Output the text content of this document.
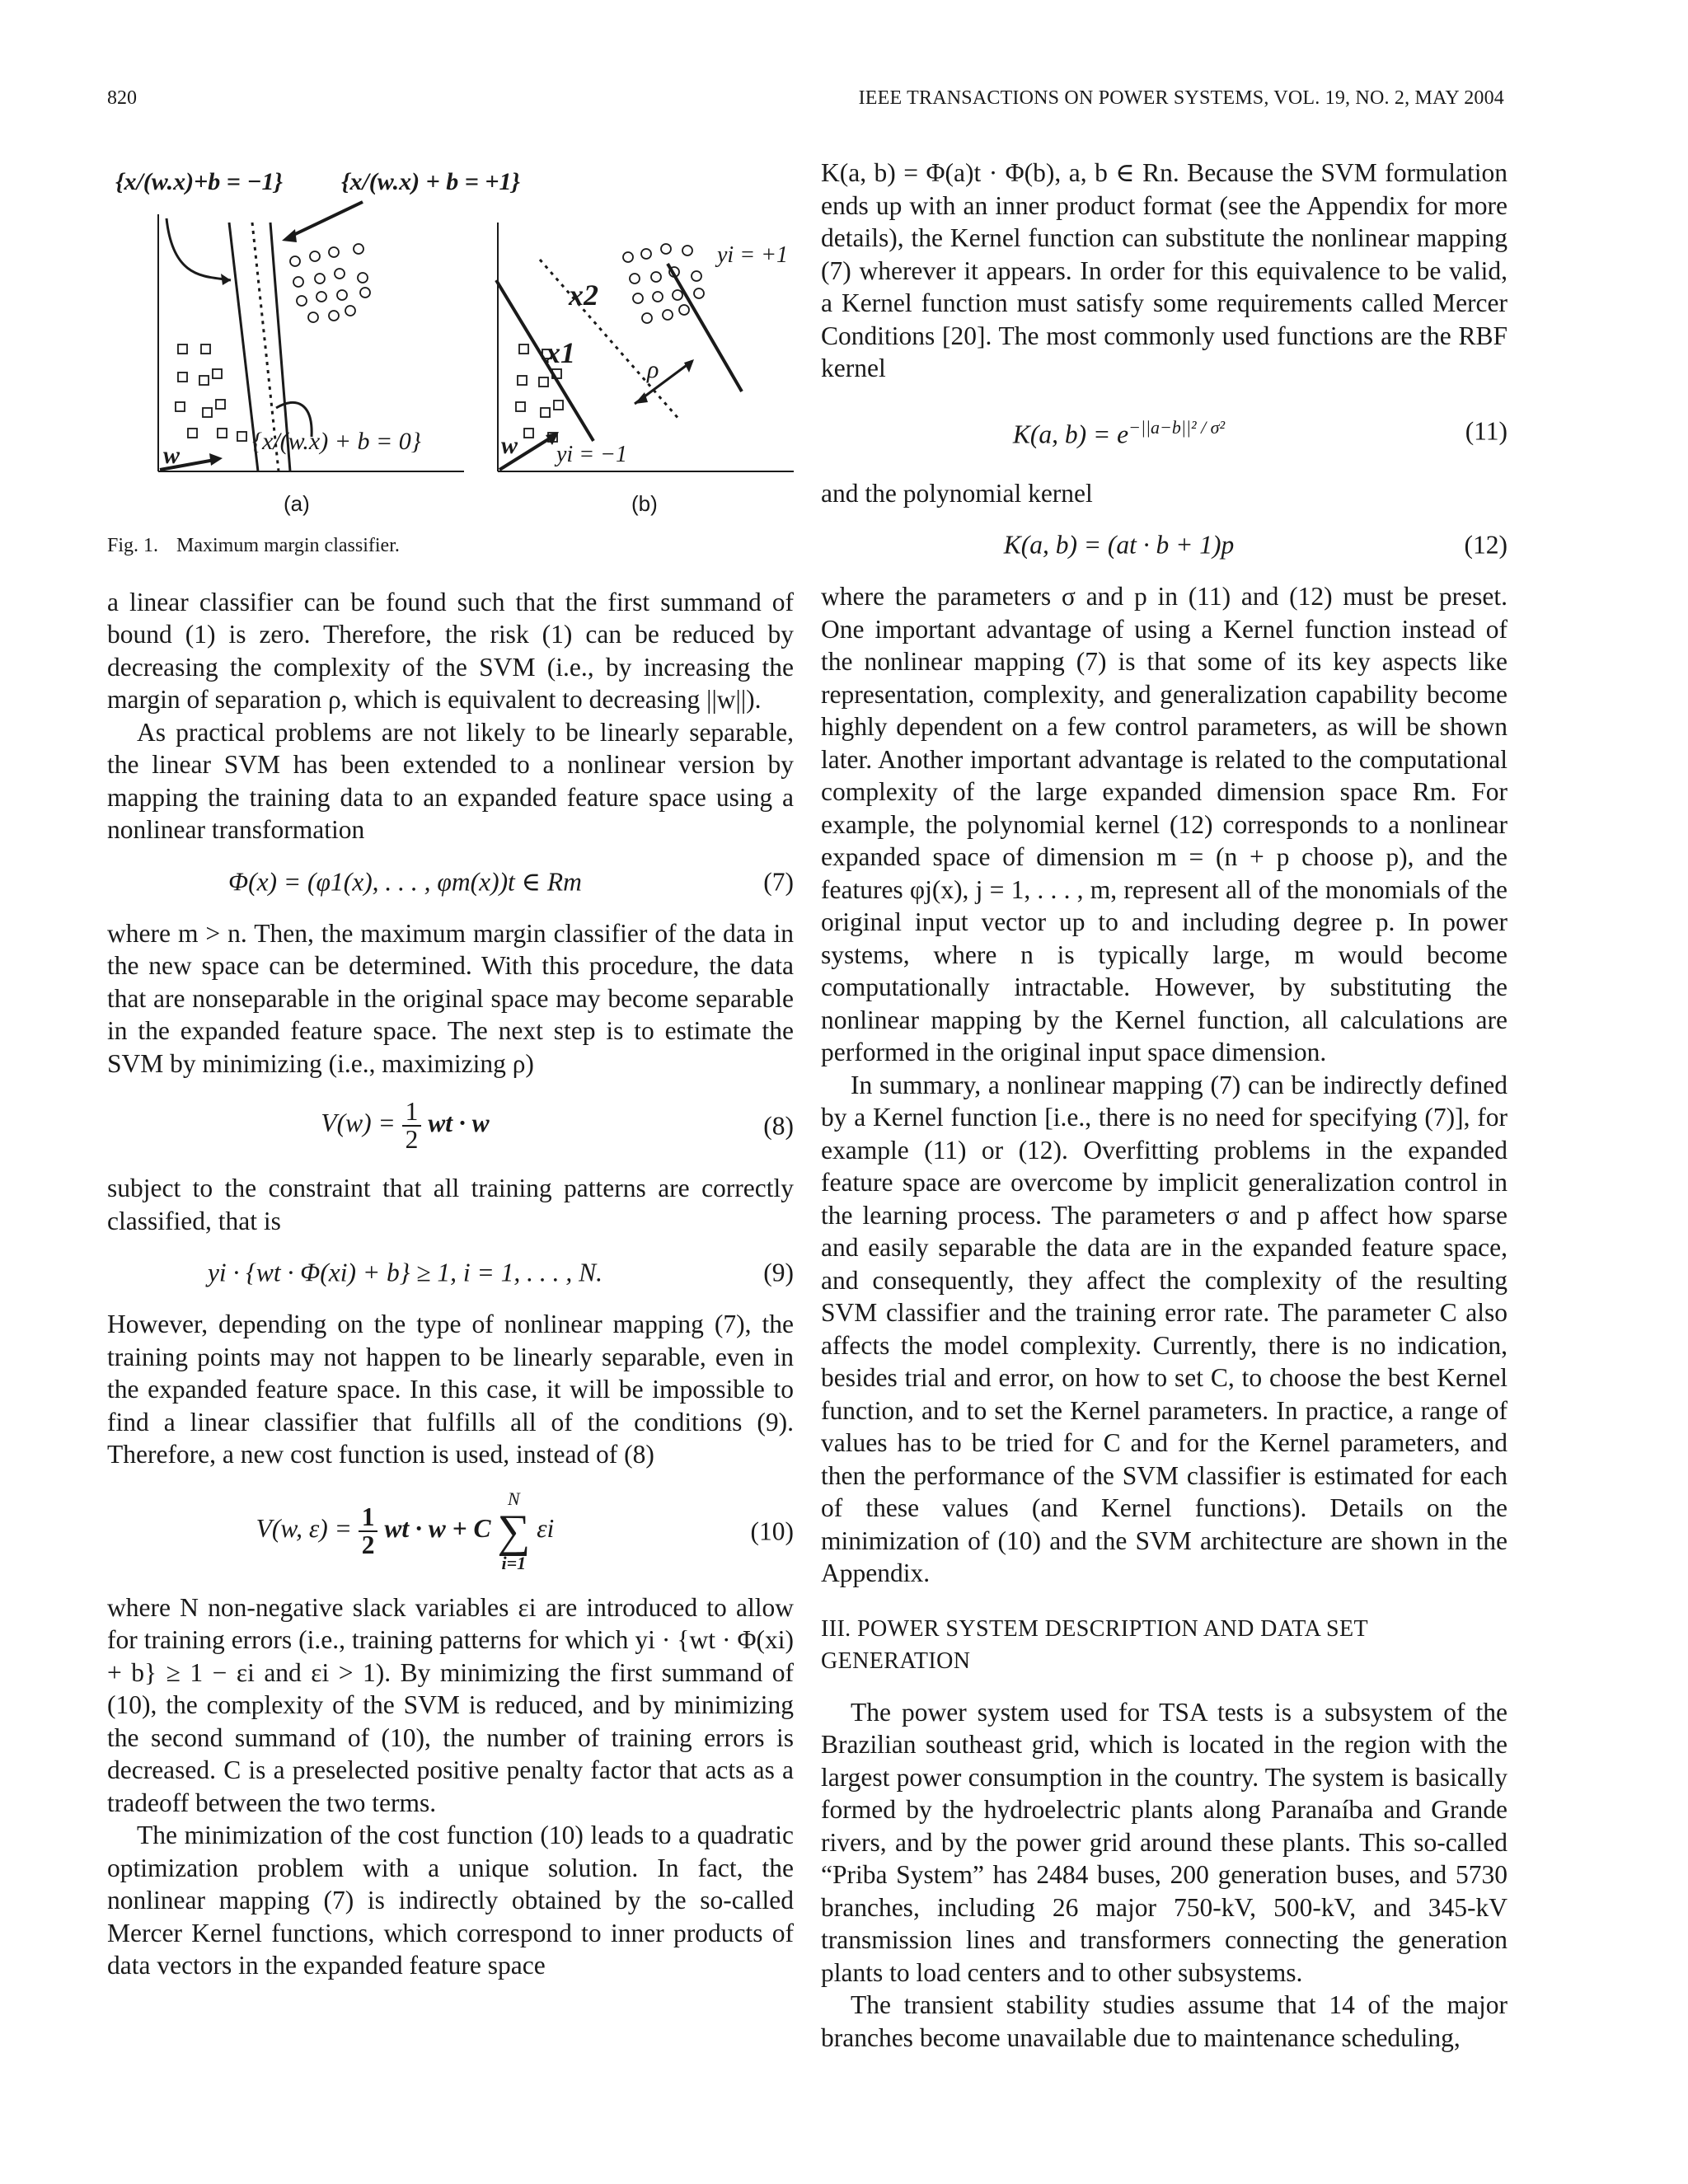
820	IEEE TRANSACTIONS ON POWER SYSTEMS, VOL. 19, NO. 2, MAY 2004
{x/(w.x)+b = −1} {x/(w.x) + b = +1}
{x/(w.x) + b = 0}
w
(a)
x2
x1
ρ
yi = +1
yi = −1
w
(b)
Fig. 1. Maximum margin classifier.

a linear classifier can be found such that the first summand of bound (1) is zero. Therefore, the risk (1) can be reduced by decreasing the complexity of the SVM (i.e., by increasing the margin of separation ρ, which is equivalent to decreasing ||w||).

As practical problems are not likely to be linearly separable, the linear SVM has been extended to a nonlinear version by mapping the training data to an expanded feature space using a nonlinear transformation

Φ(x) = (φ1(x), . . . , φm(x))t ∈ Rm	(7)

where m > n. Then, the maximum margin classifier of the data in the new space can be determined. With this procedure, the data that are nonseparable in the original space may become separable in the expanded feature space. The next step is to estimate the SVM by minimizing (i.e., maximizing ρ)

$V(w) = \frac{1}{2}$ wt · w	(8)

subject to the constraint that all training patterns are correctly classified, that is

yi · {wt · Φ(xi) + b} ≥ 1, i = 1, . . . , N.	(9)

However, depending on the type of nonlinear mapping (7), the training points may not happen to be linearly separable, even in the expanded feature space. In this case, it will be impossible to find a linear classifier that fulfills all of the conditions (9). Therefore, a new cost function is used, instead of (8)

V(w, $\varepsilon) = \frac{1}{2}$ wt · w + C
N
∑
i=1
εi	(10)

where N non-negative slack variables εi are introduced to allow for training errors (i.e., training patterns for which yi · {wt · Φ(xi) + b} ≥ 1 − εi and εi > 1). By minimizing the first summand of (10), the complexity of the SVM is reduced, and by minimizing the second summand of (10), the number of training errors is decreased. C is a preselected positive penalty factor that acts as a tradeoff between the two terms.

The minimization of the cost function (10) leads to a quadratic optimization problem with a unique solution. In fact, the nonlinear mapping (7) is indirectly obtained by the so-called Mercer Kernel functions, which correspond to inner products of data vectors in the expanded feature space

K(a, b) = Φ(a)t · Φ(b), a, b ∈ Rn. Because the SVM formulation ends up with an inner product format (see the Appendix for more details), the Kernel function can substitute the nonlinear mapping (7) wherever it appears. In order for this equivalence to be valid, a Kernel function must satisfy some requirements called Mercer Conditions [20]. The most commonly used functions are the RBF kernel

K(a, $b) = e^{-||a-b||^2 / \sigma^2}$	(11)

and the polynomial kernel

K(a, b) = (at · b + 1)p	(12)

where the parameters σ and p in (11) and (12) must be preset. One important advantage of using a Kernel function instead of the nonlinear mapping (7) is that some of its key aspects like representation, complexity, and generalization capability become highly dependent on a few control parameters, as will be shown later. Another important advantage is related to the computational complexity of the large expanded dimension space Rm. For example, the polynomial kernel (12) corresponds to a nonlinear expanded space of dimension m = (n + p choose p), and the features φj(x), j = 1, . . . , m, represent all of the monomials of the original input vector up to and including degree p. In power systems, where n is typically large, m would become computationally intractable. However, by substituting the nonlinear mapping by the Kernel function, all calculations are performed in the original input space dimension.

In summary, a nonlinear mapping (7) can be indirectly defined by a Kernel function [i.e., there is no need for specifying (7)], for example (11) or (12). Overfitting problems in the expanded feature space are overcome by implicit generalization control in the learning process. The parameters σ and p affect how sparse and easily separable the data are in the expanded feature space, and consequently, they affect the complexity of the resulting SVM classifier and the training error rate. The parameter C also affects the model complexity. Currently, there is no indication, besides trial and error, on how to set C, to choose the best Kernel function, and to set the Kernel parameters. In practice, a range of values has to be tried for C and for the Kernel parameters, and then the performance of the SVM classifier is estimated for each of these values (and Kernel functions). Details on the minimization of (10) and the SVM architecture are shown in the Appendix.

III. POWER SYSTEM DESCRIPTION AND DATA SET GENERATION

The power system used for TSA tests is a subsystem of the Brazilian southeast grid, which is located in the region with the largest power consumption in the country. The system is basically formed by the hydroelectric plants along Paranaíba and Grande rivers, and by the power grid around these plants. This so-called “Priba System” has 2484 buses, 200 generation buses, and 5730 branches, including 26 major 750-kV, 500-kV, and 345-kV transmission lines and transformers connecting the generation plants to load centers and to other subsystems.

The transient stability studies assume that 14 of the major branches become unavailable due to maintenance scheduling,
